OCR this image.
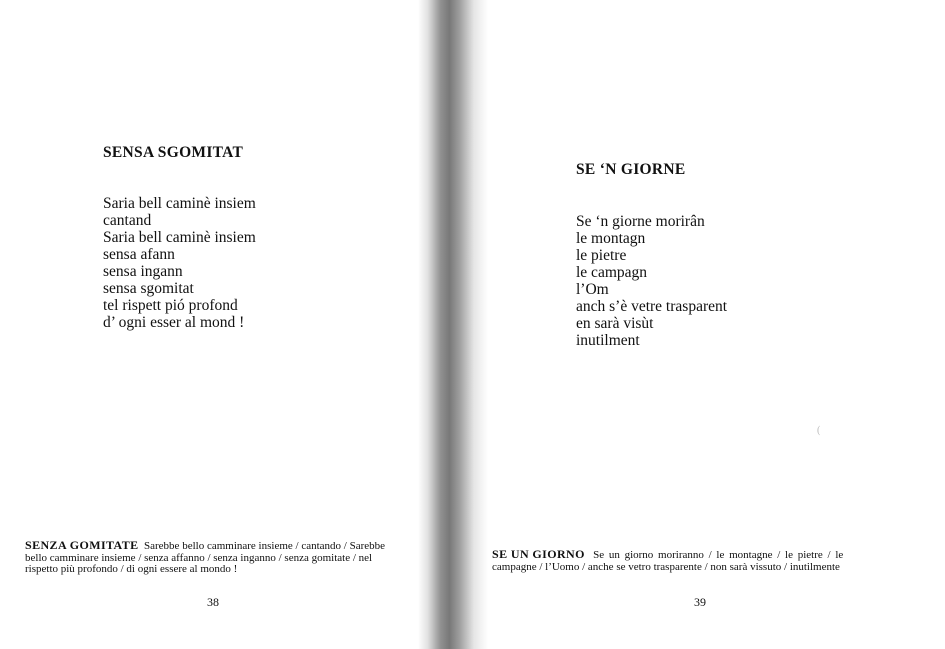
SENSA SGOMITAT
Saria bell caminè insiem
cantand
Saria bell caminè insiem
sensa afann
sensa ingann
sensa sgomitat
tel rispett pió profond
d’ ogni esser al mond !
SENZA GOMITATE Sarebbe bello camminare insieme / cantando / Sarebbe
bello camminare insieme / senza affanno / senza inganno / senza gomitate / nel
rispetto più profondo / di ogni essere al mondo !
38
SE ‘N GIORNE
Se ‘n giorne morirân
le montagn
le pietre
le campagn
l’Om
anch s’è vetre trasparent
en sarà visùt
inutilment
(
SE UN GIORNO Se un giorno moriranno / le montagne / le pietre / le
campagne / l’Uomo / anche se vetro trasparente / non sarà vissuto / inutilmente
39
